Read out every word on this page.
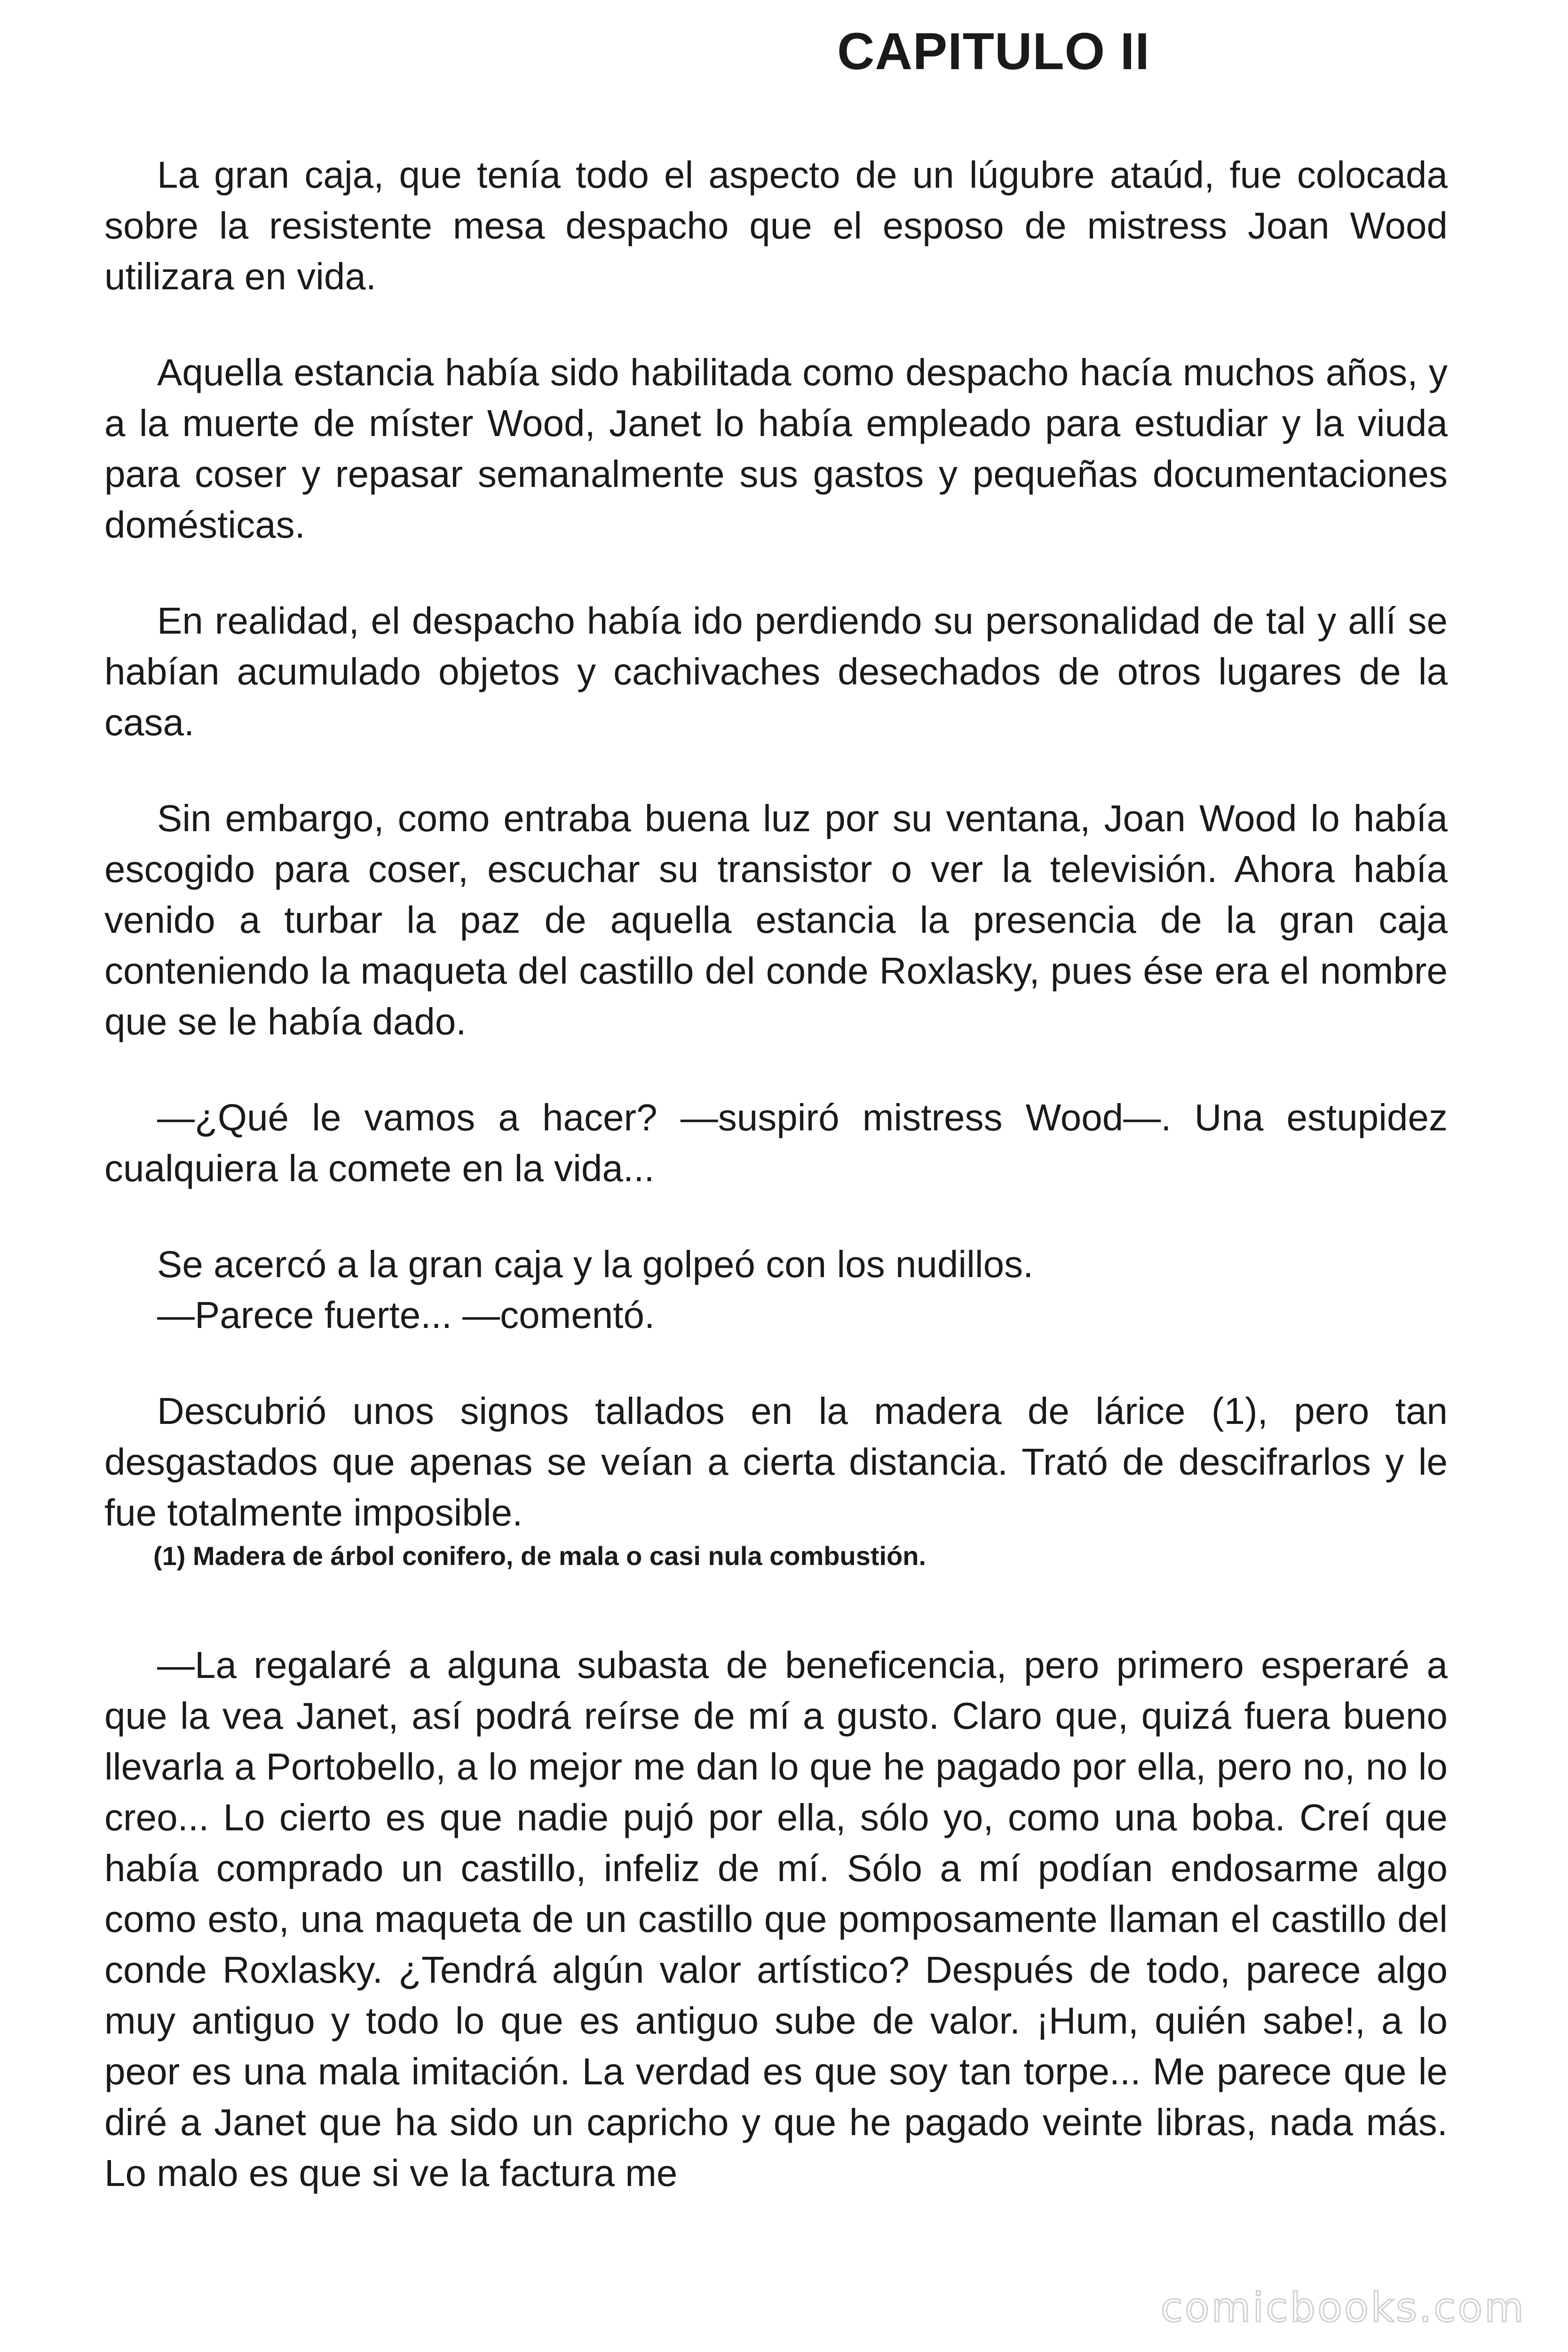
CAPITULO II

La gran caja, que tenía todo el aspecto de un lúgubre ataúd, fue colocada sobre la resistente mesa despacho que el esposo de mistress Joan Wood utilizara en vida.

Aquella estancia había sido habilitada como despacho hacía muchos años, y a la muerte de míster Wood, Janet lo había empleado para estudiar y la viuda para coser y repasar semanalmente sus gastos y pequeñas documentaciones domésticas.

En realidad, el despacho había ido perdiendo su personalidad de tal y allí se habían acumulado objetos y cachivaches desechados de otros lugares de la casa.

Sin embargo, como entraba buena luz por su ventana, Joan Wood lo había escogido para coser, escuchar su transistor o ver la televisión. Ahora había venido a turbar la paz de aquella estancia la presencia de la gran caja conteniendo la maqueta del castillo del conde Roxlasky, pues ése era el nombre que se le había dado.

—¿Qué le vamos a hacer? —suspiró mistress Wood—. Una estupidez cualquiera la comete en la vida...

Se acercó a la gran caja y la golpeó con los nudillos.

—Parece fuerte... —comentó.

Descubrió unos signos tallados en la madera de lárice (1), pero tan desgastados que apenas se veían a cierta distancia. Trató de descifrarlos y le fue totalmente imposible.

(1) Madera de árbol conifero, de mala o casi nula combustión.

—La regalaré a alguna subasta de beneficencia, pero primero esperaré a que la vea Janet, así podrá reírse de mí a gusto. Claro que, quizá fuera bueno llevarla a Portobello, a lo mejor me dan lo que he pagado por ella, pero no, no lo creo... Lo cierto es que nadie pujó por ella, sólo yo, como una boba. Creí que había comprado un castillo, infeliz de mí. Sólo a mí podían endosarme algo como esto, una maqueta de un castillo que pomposamente llaman el castillo del conde Roxlasky. ¿Tendrá algún valor artístico? Después de todo, parece algo muy antiguo y todo lo que es antiguo sube de valor. ¡Hum, quién sabe!, a lo peor es una mala imitación. La verdad es que soy tan torpe... Me parece que le diré a Janet que ha sido un capricho y que he pagado veinte libras, nada más. Lo malo es que si ve la factura me

comicbooks.com
